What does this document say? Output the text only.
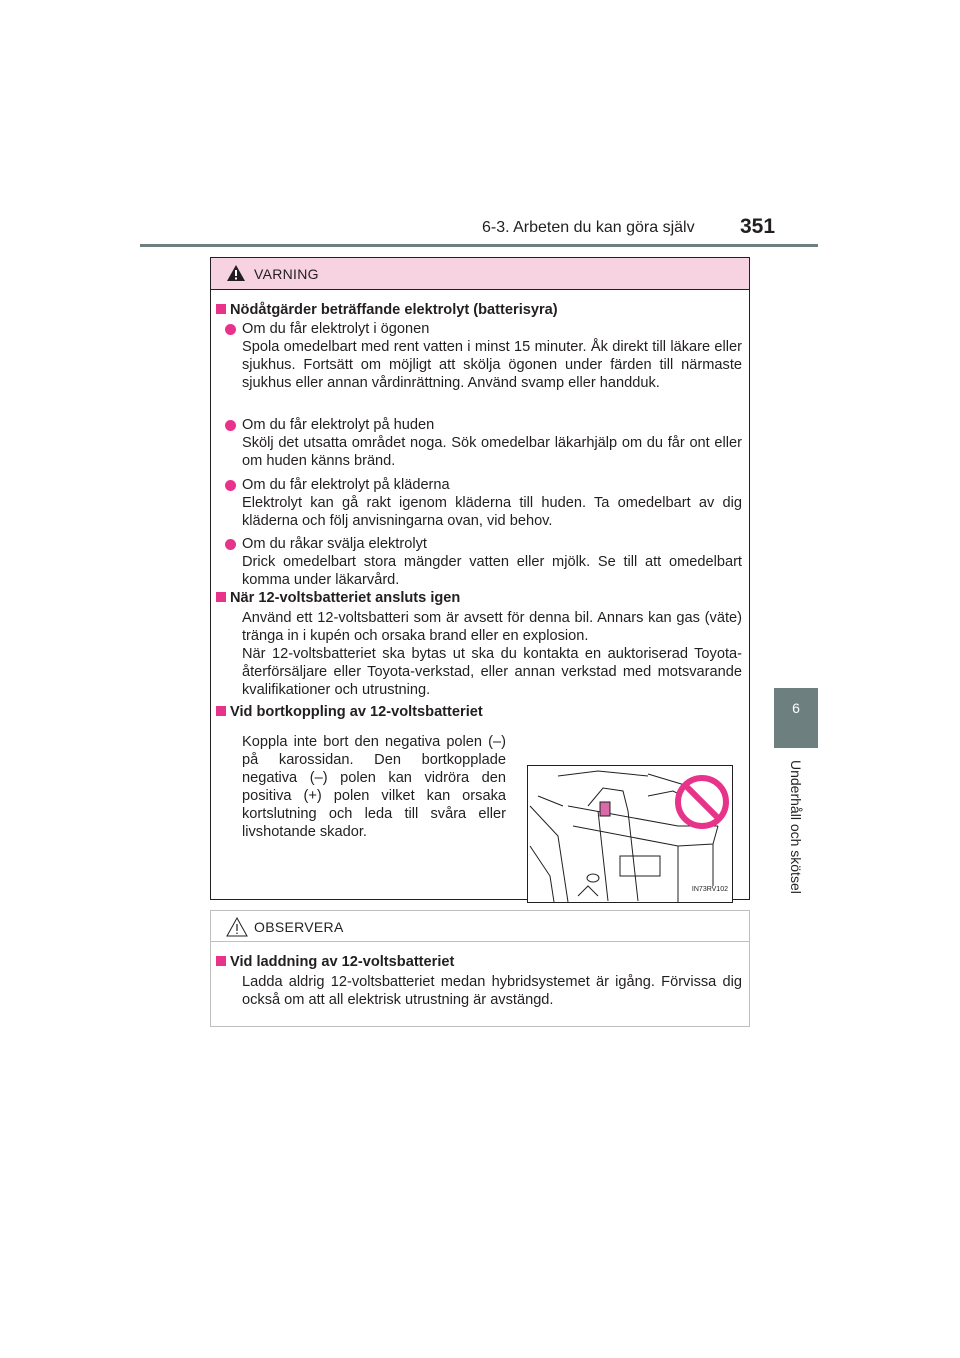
6-3. Arbeten du kan göra själv 351
6
Underhåll och skötsel
VARNING
Nödåtgärder beträffande elektrolyt (batterisyra)
Om du får elektrolyt i ögonen
Spola omedelbart med rent vatten i minst 15 minuter. Åk direkt till läkare eller sjukhus. Fortsätt om möjligt att skölja ögonen under färden till närmaste sjukhus eller annan vårdinrättning. Använd svamp eller handduk.
Om du får elektrolyt på huden
Skölj det utsatta området noga. Sök omedelbar läkarhjälp om du får ont eller om huden känns bränd.
Om du får elektrolyt på kläderna
Elektrolyt kan gå rakt igenom kläderna till huden. Ta omedelbart av dig kläderna och följ anvisningarna ovan, vid behov.
Om du råkar svälja elektrolyt
Drick omedelbart stora mängder vatten eller mjölk. Se till att omedelbart komma under läkarvård.
När 12-voltsbatteriet ansluts igen
Använd ett 12-voltsbatteri som är avsett för denna bil. Annars kan gas (väte) tränga in i kupén och orsaka brand eller en explosion.
När 12-voltsbatteriet ska bytas ut ska du kontakta en auktoriserad Toyota-återförsäljare eller Toyota-verkstad, eller annan verkstad med motsvarande kvalifikationer och utrustning.
Vid bortkoppling av 12-voltsbatteriet
Koppla inte bort den negativa polen (–) på karossidan. Den bortkopplade negativa (–) polen kan vidröra den positiva (+) polen vilket kan orsaka kortslutning och leda till svåra eller livshotande skador.
IN73RV102
OBSERVERA
Vid laddning av 12-voltsbatteriet
Ladda aldrig 12-voltsbatteriet medan hybridsystemet är igång. Förvissa dig också om att all elektrisk utrustning är avstängd.
